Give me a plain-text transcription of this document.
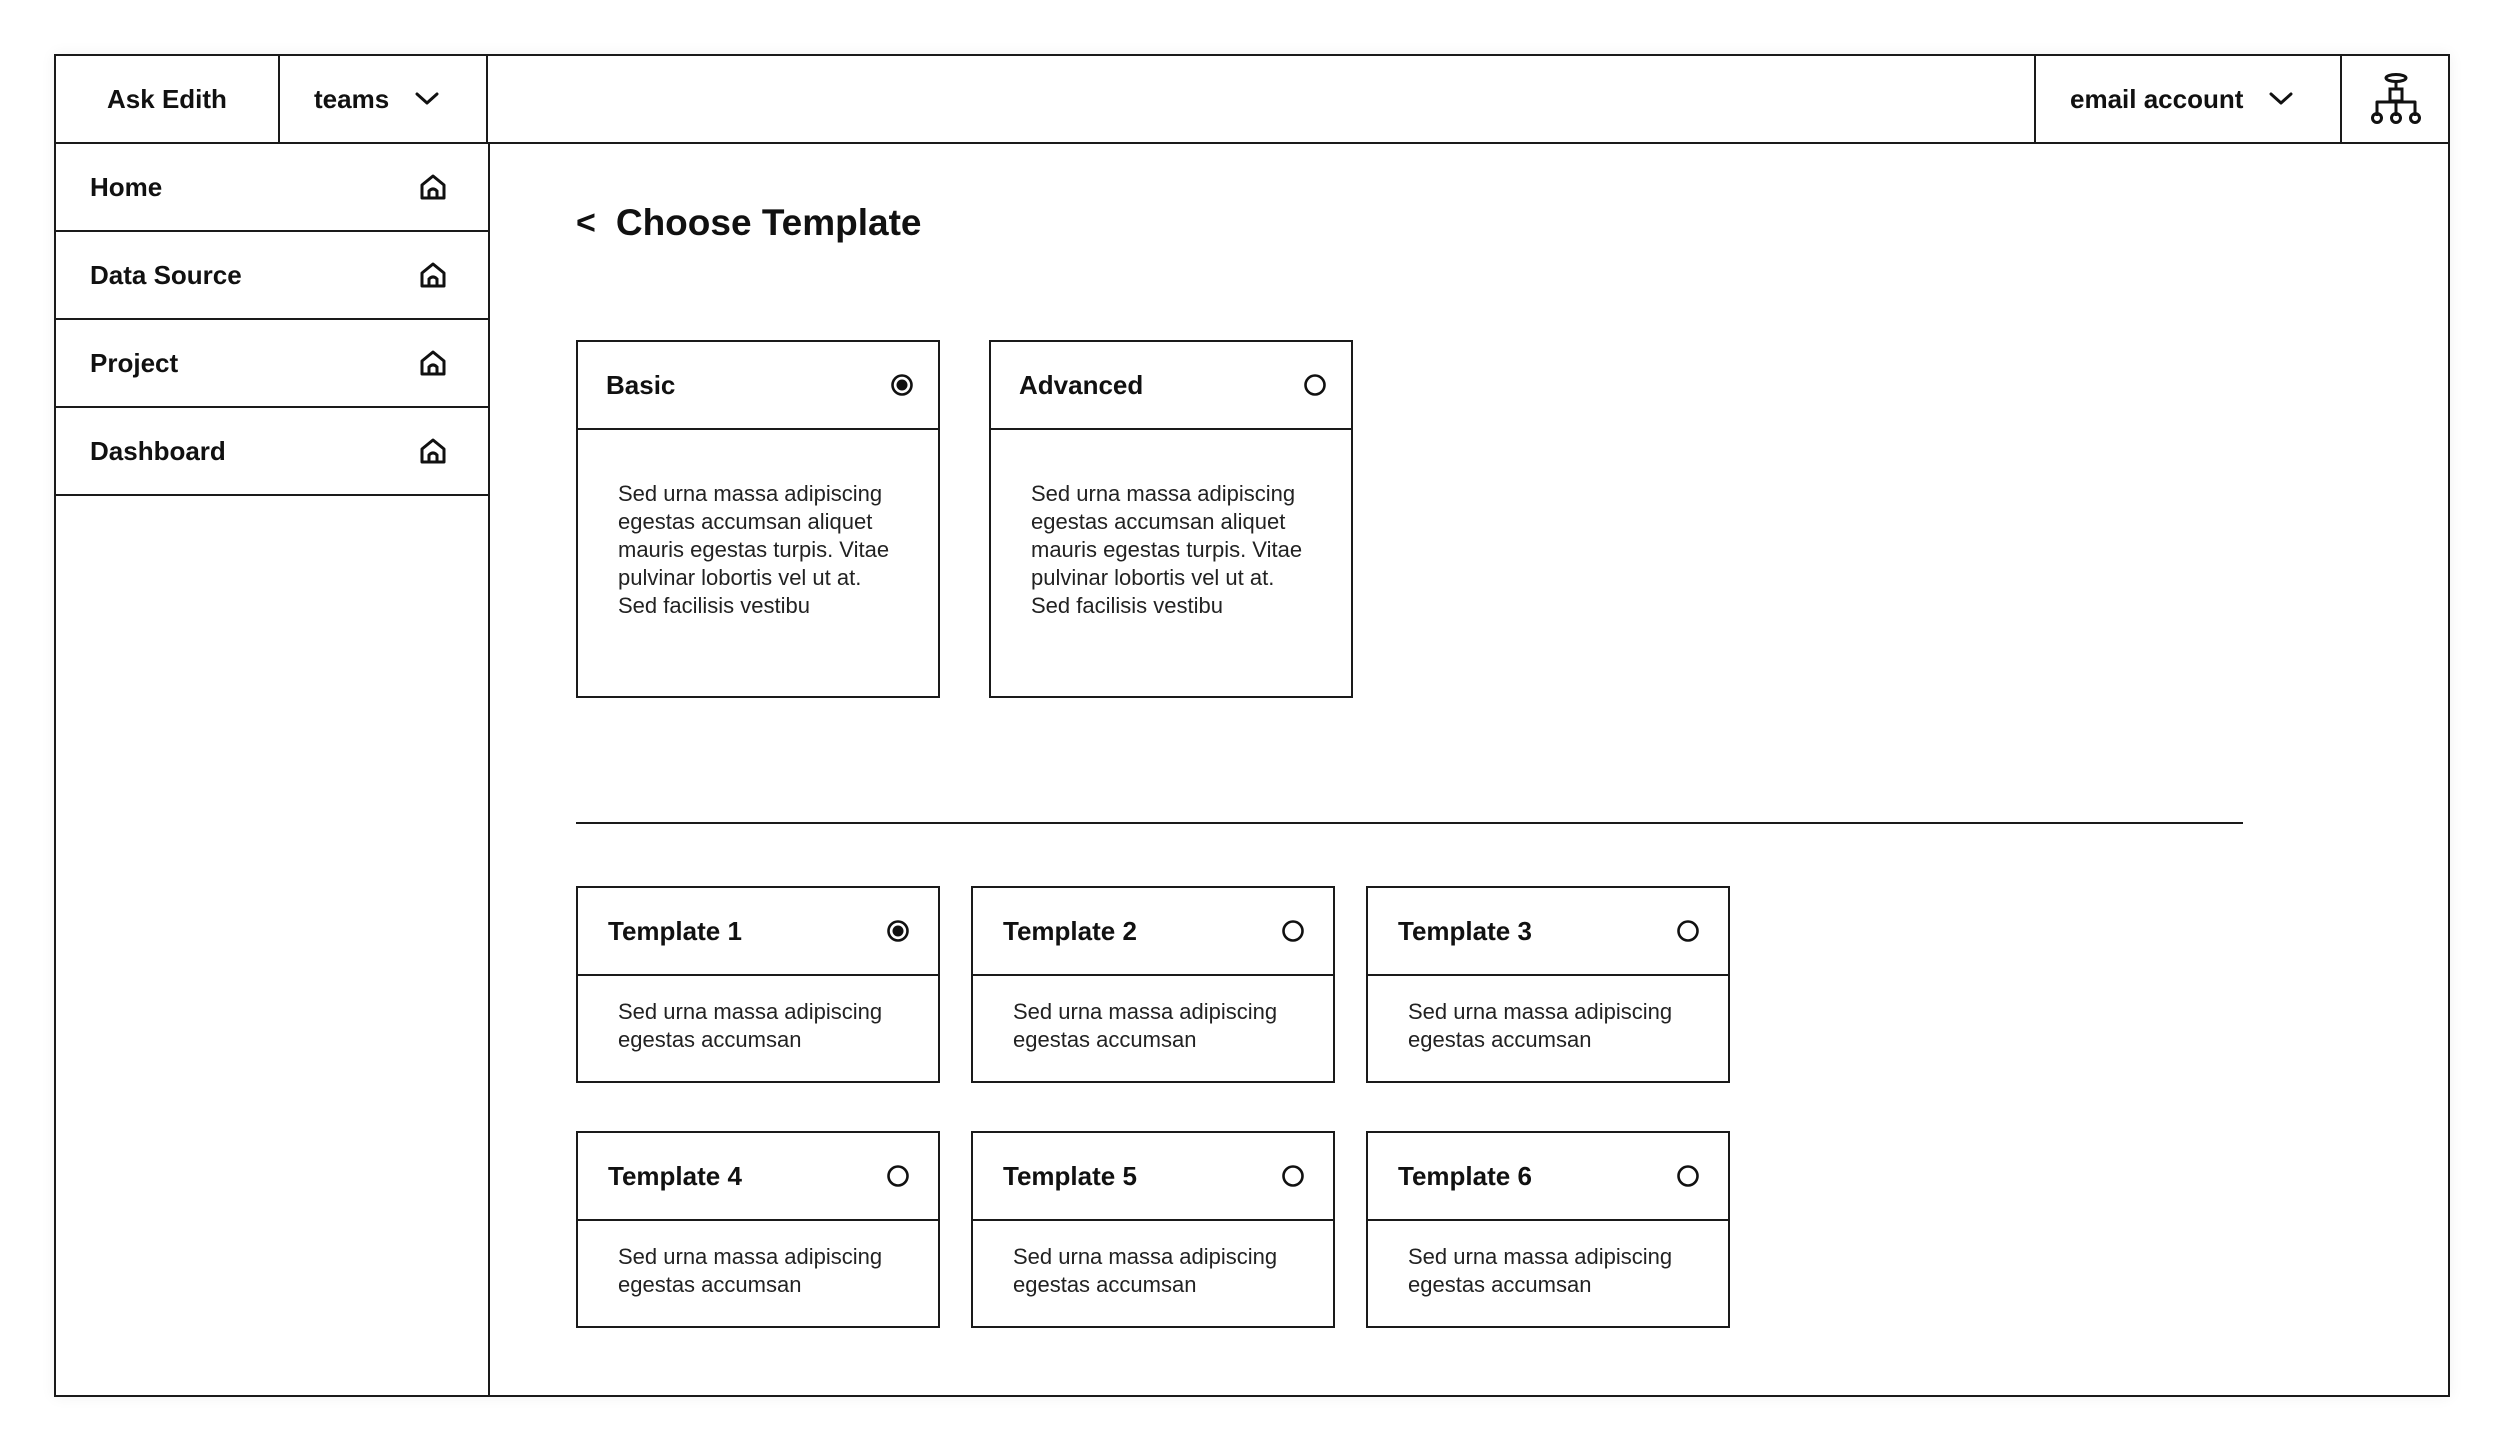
Ask Edith	teams	email account
Home
Data Source
Project
Dashboard
< Choose Template
Basic
Sed urna massa adipiscing egestas accumsan aliquet mauris egestas turpis. Vitae pulvinar lobortis vel ut at. Sed facilisis vestibu
Advanced
Sed urna massa adipiscing egestas accumsan aliquet mauris egestas turpis. Vitae pulvinar lobortis vel ut at. Sed facilisis vestibu
Template 1
Sed urna massa adipiscing egestas accumsan
Template 2
Sed urna massa adipiscing egestas accumsan
Template 3
Sed urna massa adipiscing egestas accumsan
Template 4
Sed urna massa adipiscing egestas accumsan
Template 5
Sed urna massa adipiscing egestas accumsan
Template 6
Sed urna massa adipiscing egestas accumsan
